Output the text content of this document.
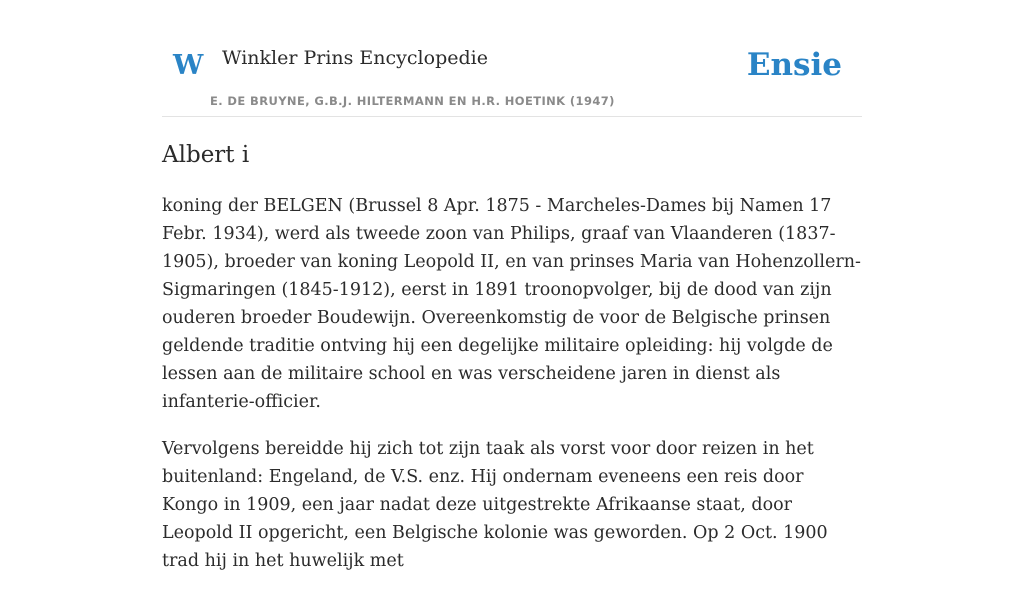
W Winkler Prins Encyclopedie
E. DE BRUYNE, G.B.J. HILTERMANN EN H.R. HOETINK (1947)
Ensie
Albert i

koning der BELGEN (Brussel 8 Apr. 1875 - Marcheles-Dames bij Namen 17 Febr. 1934), werd als tweede zoon van Philips, graaf van Vlaanderen (1837-1905), broeder van koning Leopold II, en van prinses Maria van Hohenzollern-Sigmaringen (1845-1912), eerst in 1891 troonopvolger, bij de dood van zijn ouderen broeder Boudewijn. Overeenkomstig de voor de Belgische prinsen geldende traditie ontving hij een degelijke militaire opleiding: hij volgde de lessen aan de militaire school en was verscheidene jaren in dienst als infanterie-officier.

Vervolgens bereidde hij zich tot zijn taak als vorst voor door reizen in het buitenland: Engeland, de V.S. enz. Hij ondernam eveneens een reis door Kongo in 1909, een jaar nadat deze uitgestrekte Afrikaanse staat, door Leopold II opgericht, een Belgische kolonie was geworden. Op 2 Oct. 1900 trad hij in het huwelijk met
